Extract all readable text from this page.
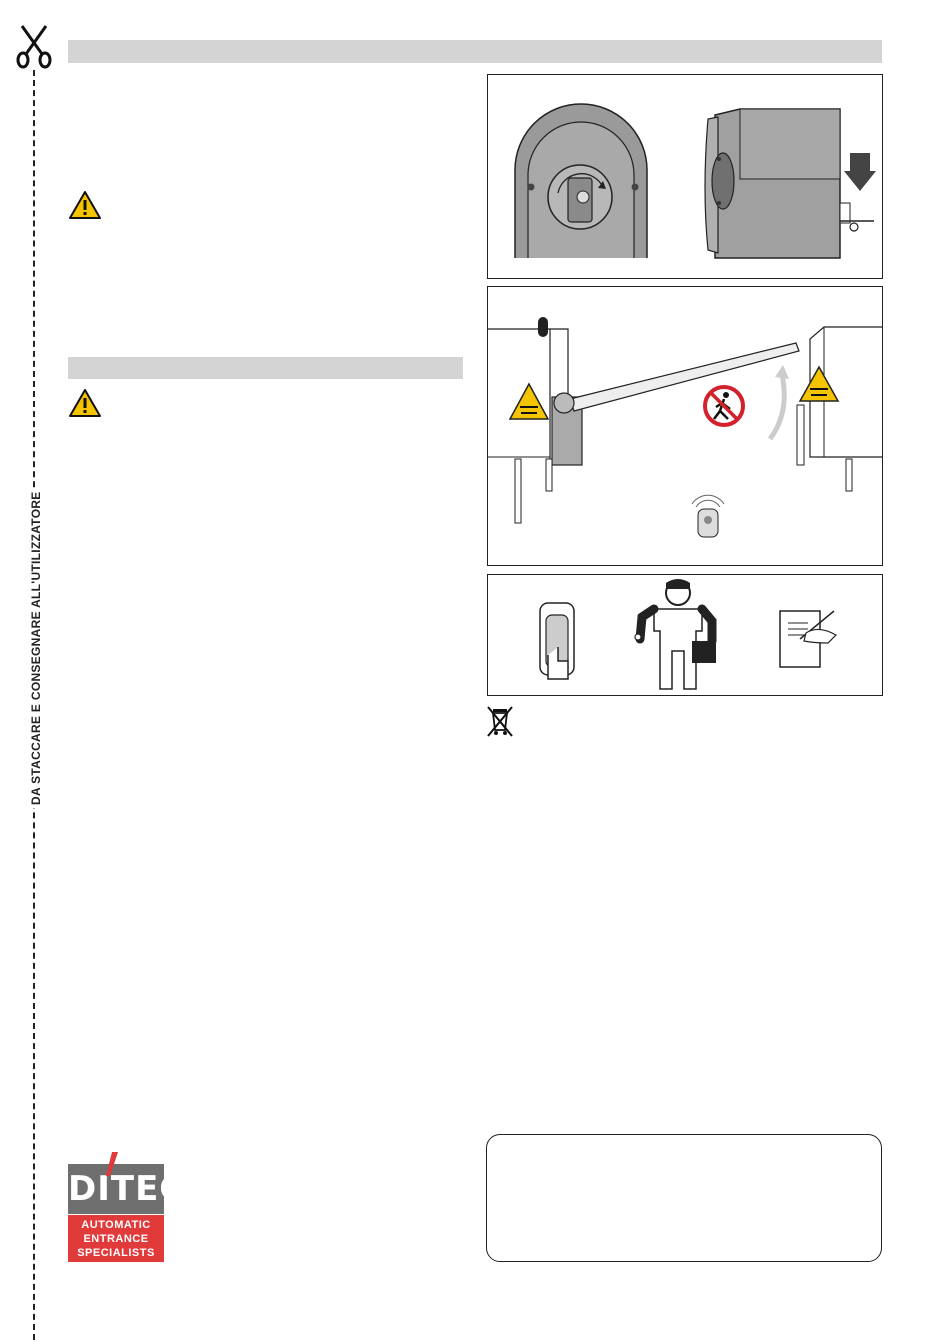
DA STACCARE E CONSEGNARE ALL'UTILIZZATORE
DITEC
AUTOMATIC
ENTRANCE
SPECIALISTS
